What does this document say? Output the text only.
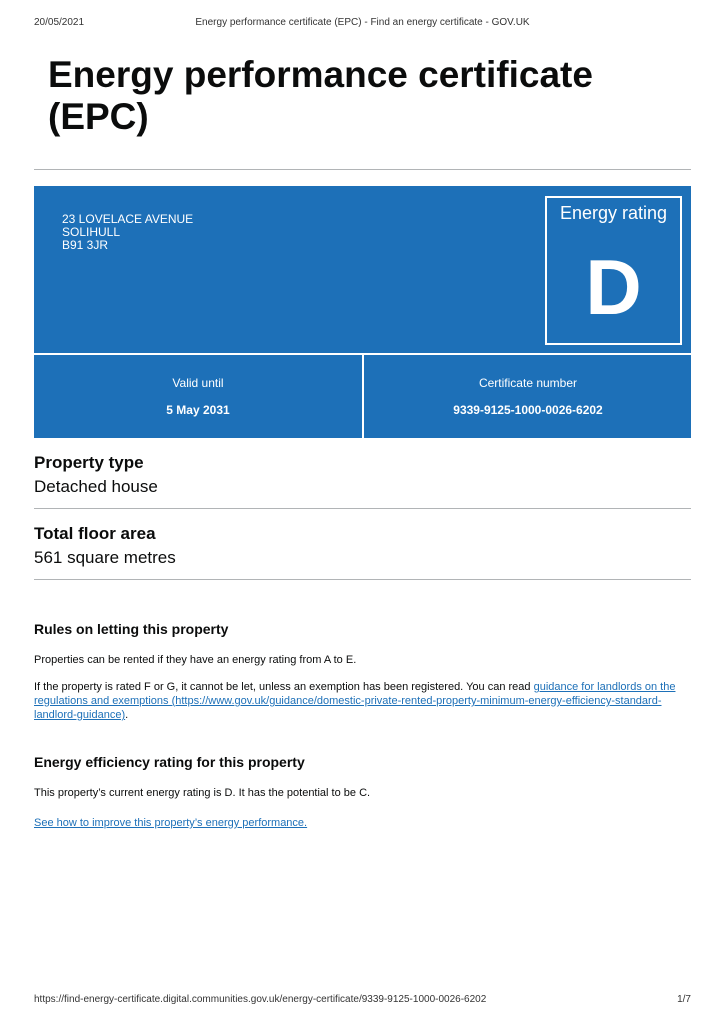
20/05/2021	Energy performance certificate (EPC) - Find an energy certificate - GOV.UK
Energy performance certificate (EPC)
23 LOVELACE AVENUE
SOLIHULL
B91 3JR
Energy rating
D
Valid until
5 May 2031
Certificate number
9339-9125-1000-0026-6202
Property type
Detached house
Total floor area
561 square metres
Rules on letting this property

Properties can be rented if they have an energy rating from A to E.

If the property is rated F or G, it cannot be let, unless an exemption has been registered. You can read guidance for landlords on the regulations and exemptions (https://www.gov.uk/guidance/domestic-private-rented-property-minimum-energy-efficiency-standard-landlord-guidance).

Energy efficiency rating for this property

This property’s current energy rating is D. It has the potential to be C.

See how to improve this property’s energy performance.
https://find-energy-certificate.digital.communities.gov.uk/energy-certificate/9339-9125-1000-0026-6202	1/7
